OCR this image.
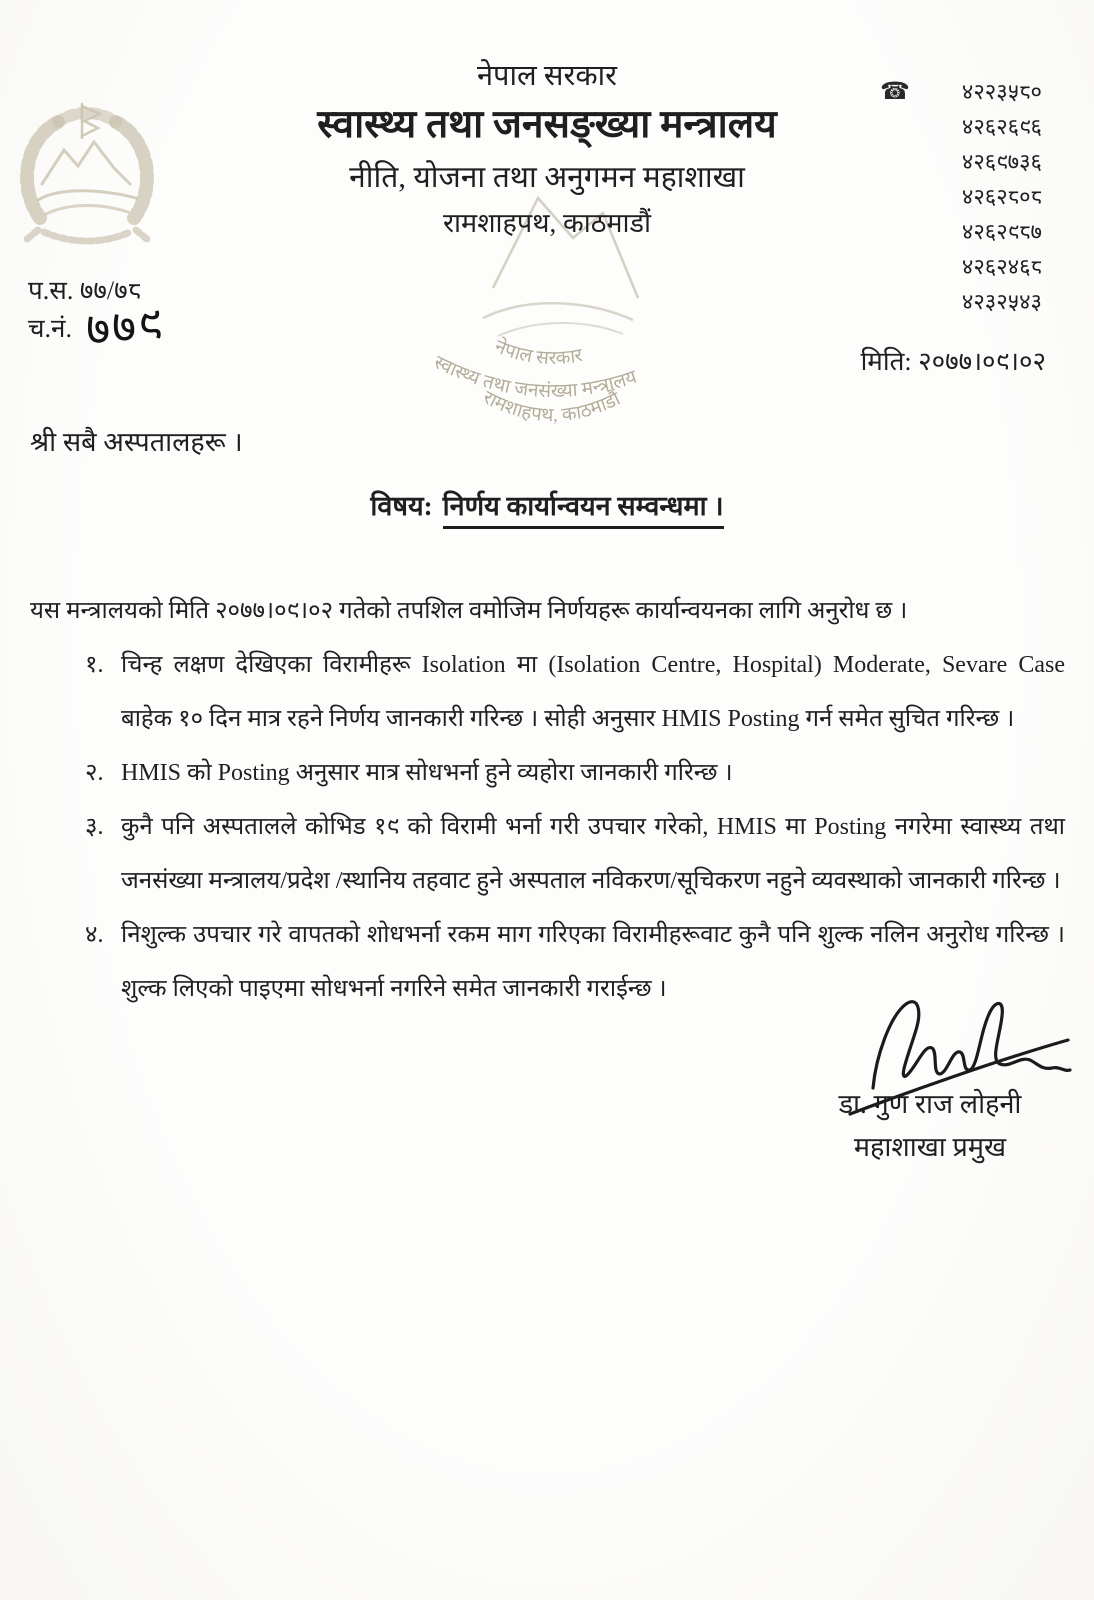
नेपाल सरकार
स्वास्थ्य तथा जनसंख्या मन्त्रालय
रामशाहपथ, काठमाडौं
नेपाल सरकार
स्वास्थ्य तथा जनसङ्ख्या मन्त्रालय
नीति, योजना तथा अनुगमन महाशाखा
रामशाहपथ, काठमाडौं
प.स. ७७/७८
च.नं. ७७९
☎	४२२३५८०
४२६२६९६
४२६९७३६
४२६२८०८
४२६२९८७
४२६२४६८
४२३२५४३
मिति: २०७७।०९।०२
श्री सबै अस्पतालहरू ।
विषय: निर्णय कार्यान्वयन सम्वन्धमा ।

यस मन्त्रालयको मिति २०७७।०९।०२ गतेको तपशिल वमोजिम निर्णयहरू कार्यान्वयनका लागि अनुरोध छ ।

१. चिन्ह लक्षण देखिएका विरामीहरू Isolation मा (Isolation Centre, Hospital) Moderate, Sevare Case बाहेक १० दिन मात्र रहने निर्णय जानकारी गरिन्छ । सोही अनुसार HMIS Posting गर्न समेत सुचित गरिन्छ ।
२. HMIS को Posting अनुसार मात्र सोधभर्ना हुने व्यहोरा जानकारी गरिन्छ ।
३. कुनै पनि अस्पतालले कोभिड १९ को विरामी भर्ना गरी उपचार गरेको, HMIS मा Posting नगरेमा स्वास्थ्य तथा जनसंख्या मन्त्रालय/प्रदेश /स्थानिय तहवाट हुने अस्पताल नविकरण/सूचिकरण नहुने व्यवस्थाको जानकारी गरिन्छ ।
४. निशुल्क उपचार गरे वापतको शोधभर्ना रकम माग गरिएका विरामीहरूवाट कुनै पनि शुल्क नलिन अनुरोध गरिन्छ । शुल्क लिएको पाइएमा सोधभर्ना नगरिने समेत जानकारी गराईन्छ ।
डा. गुण राज लोहनी
महाशाखा प्रमुख
